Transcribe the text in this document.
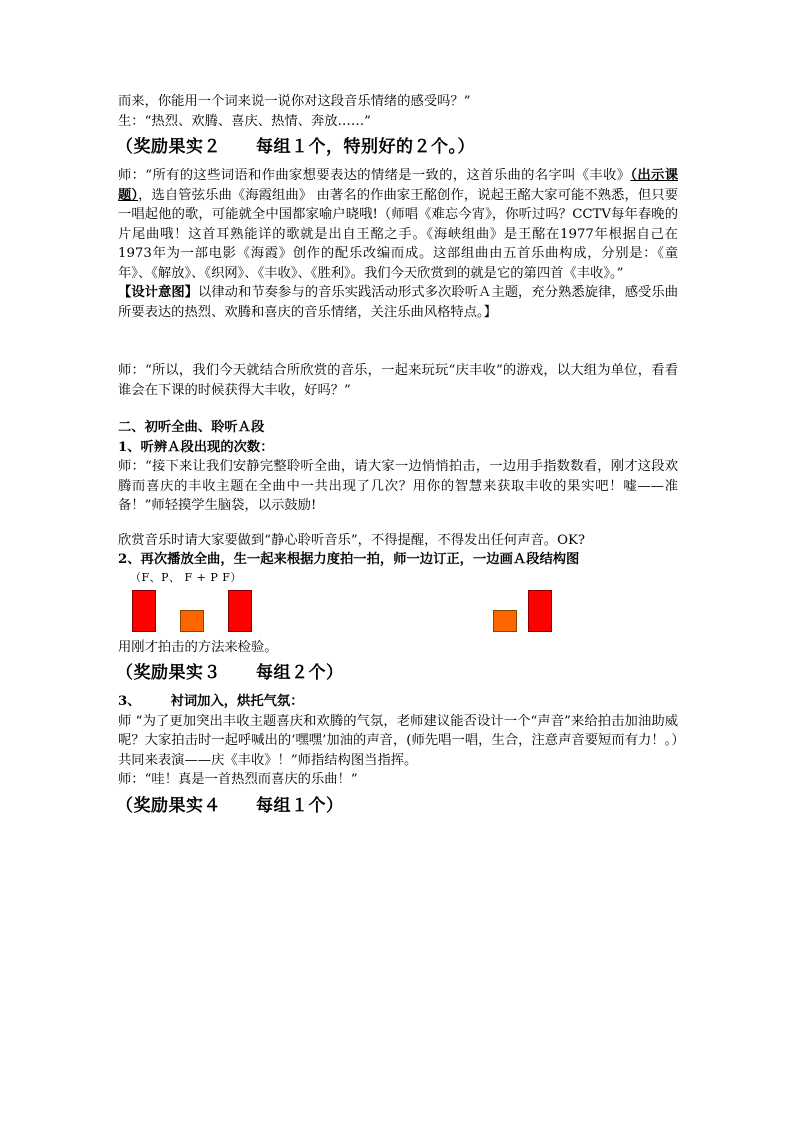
而来，你能用一个词来说一说你对这段音乐情绪的感受吗？”

生：“热烈、欢腾、喜庆、热情、奔放……”

（奖励果实２　　每组１个，特别好的２个。）

师：“所有的这些词语和作曲家想要表达的情绪是一致的，这首乐曲的名字叫《丰收》（出示课题），选自管弦乐曲《海霞组曲》 由著名的作曲家王酩创作，说起王酩大家可能不熟悉，但只要一唱起他的歌，可能就全中国都家喻户晓哦!（师唱《难忘今宵》，你听过吗？CCTV每年春晚的片尾曲哦！这首耳熟能详的歌就是出自王酩之手。《海峡组曲》是王酩在1977年根据自己在1973年为一部电影《海霞》创作的配乐改编而成。这部组曲由五首乐曲构成，分别是：《童年》、《解放》、《织网》、《丰收》、《胜利》。我们今天欣赏到的就是它的第四首《丰收》。”

【设计意图】以律动和节奏参与的音乐实践活动形式多次聆听Ａ主题，充分熟悉旋律，感受乐曲所要表达的热烈、欢腾和喜庆的音乐情绪，关注乐曲风格特点。】

师：“所以，我们今天就结合所欣赏的音乐，一起来玩玩“庆丰收”的游戏，以大组为单位，看看谁会在下课的时候获得大丰收，好吗？”

二、初听全曲、聆听Ａ段

1、听辨Ａ段出现的次数：

师：“接下来让我们安静完整聆听全曲，请大家一边悄悄拍击，一边用手指数数看，刚才这段欢腾而喜庆的丰收主题在全曲中一共出现了几次？用你的智慧来获取丰收的果实吧！嘘——准备！”师轻摸学生脑袋，以示鼓励!

欣赏音乐时请大家要做到“静心聆听音乐”，不得提醒，不得发出任何声音。OK?

2、再次播放全曲，生一起来根据力度拍一拍，师一边订正，一边画Ａ段结构图

（F、P、 F + P F）

用刚才拍击的方法来检验。

（奖励果实３　　每组２个）

3、 衬词加入，烘托气氛：

师 “为了更加突出丰收主题喜庆和欢腾的气氛，老师建议能否设计一个“声音”来给拍击加油助威呢？大家拍击时一起呼喊出的‘嘿嘿’加油的声音，(师先唱一唱，生合，注意声音要短而有力！。）共同来表演——庆《丰收》！”师指结构图当指挥。

师：“哇！真是一首热烈而喜庆的乐曲！”

（奖励果实４　　每组１个）
